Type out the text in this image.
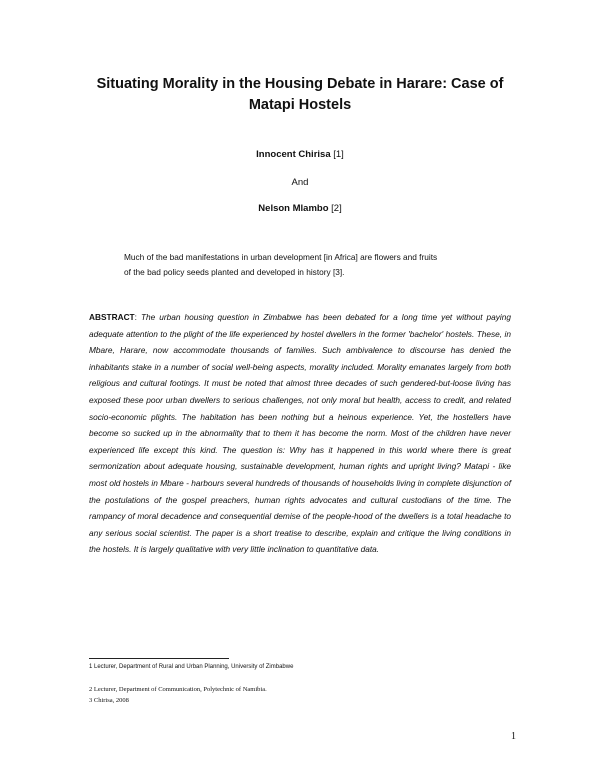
Situating Morality in the Housing Debate in Harare: Case of
Matapi Hostels
Innocent Chirisa [1]
And
Nelson Mlambo [2]
Much of the bad manifestations in urban development [in Africa] are flowers and fruits
of the bad policy seeds planted and developed in history [3].
ABSTRACT: The urban housing question in Zimbabwe has been debated for a long time yet without paying adequate attention to the plight of the life experienced by hostel dwellers in the former 'bachelor' hostels. These, in Mbare, Harare, now accommodate thousands of families. Such ambivalence to discourse has denied the inhabitants stake in a number of social well-being aspects, morality included. Morality emanates largely from both religious and cultural footings. It must be noted that almost three decades of such gendered-but-loose living has exposed these poor urban dwellers to serious challenges, not only moral but health, access to credit, and related socio-economic plights. The habitation has been nothing but a heinous experience. Yet, the hostellers have become so sucked up in the abnormality that to them it has become the norm. Most of the children have never experienced life except this kind. The question is: Why has it happened in this world where there is great sermonization about adequate housing, sustainable development, human rights and upright living? Matapi - like most old hostels in Mbare - harbours several hundreds of thousands of households living in complete disjunction of the postulations of the gospel preachers, human rights advocates and cultural custodians of the time. The rampancy of moral decadence and consequential demise of the people-hood of the dwellers is a total headache to any serious social scientist. The paper is a short treatise to describe, explain and critique the living conditions in the hostels. It is largely qualitative with very little inclination to quantitative data.
1 Lecturer, Department of Rural and Urban Planning, University of Zimbabwe
2 Lecturer, Department of Communication, Polytechnic of Namibia.
3 Chirisa, 2008
1
